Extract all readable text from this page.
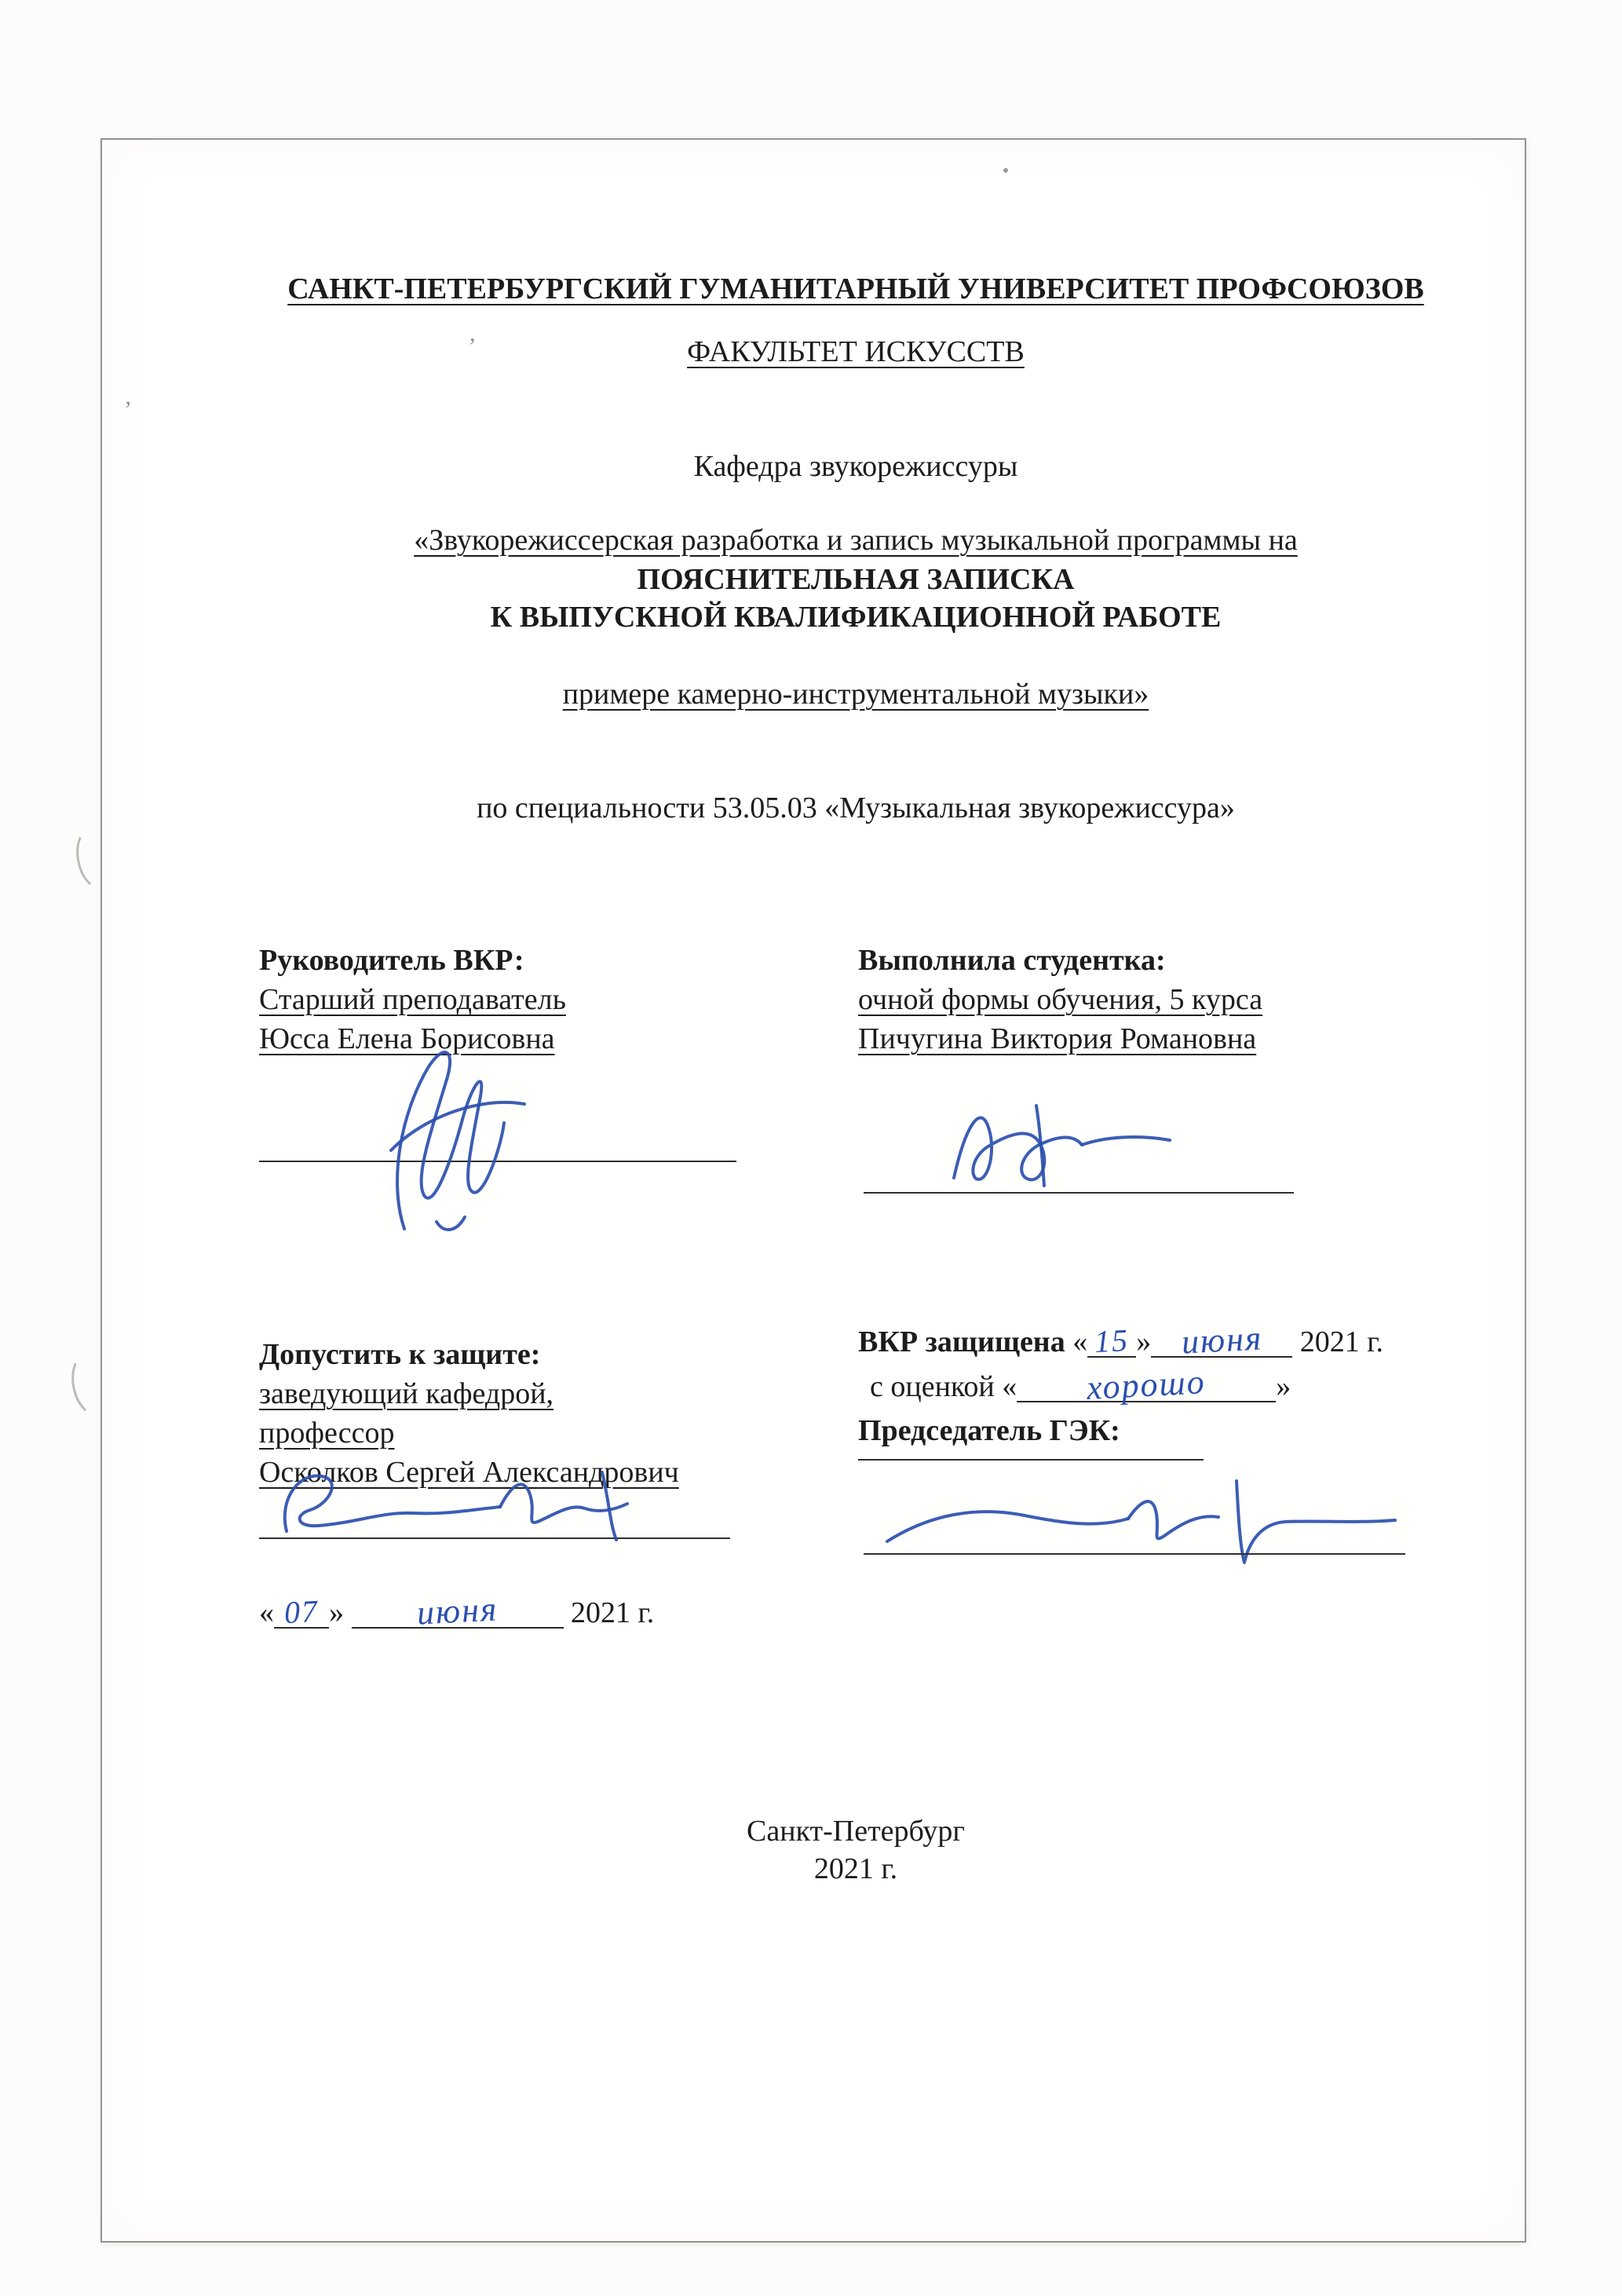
’
,
САНКТ-ПЕТЕРБУРГСКИЙ ГУМАНИТАРНЫЙ УНИВЕРСИТЕТ ПРОФСОЮЗОВ
ФАКУЛЬТЕТ ИСКУССТВ
Кафедра звукорежиссуры
«Звукорежиссерская разработка и запись музыкальной программы на
ПОЯСНИТЕЛЬНАЯ ЗАПИСКА
К ВЫПУСКНОЙ КВАЛИФИКАЦИОННОЙ РАБОТЕ
примере камерно-инструментальной музыки»
по специальности 53.05.03 «Музыкальная звукорежиссура»
Руководитель ВКР:
Старший преподаватель
Юсса Елена Борисовна
Выполнила студентка:
очной формы обучения, 5 курса
Пичугина Виктория Романовна
Допустить к защите:
заведующий кафедрой,
профессор
Осколков Сергей Александрович
« 07 » июня 2021 г.
ВКР защищена « 15 » июня 2021 г.
с оценкой « хорошо »
Председатель ГЭК:
Санкт-Петербург
2021 г.
